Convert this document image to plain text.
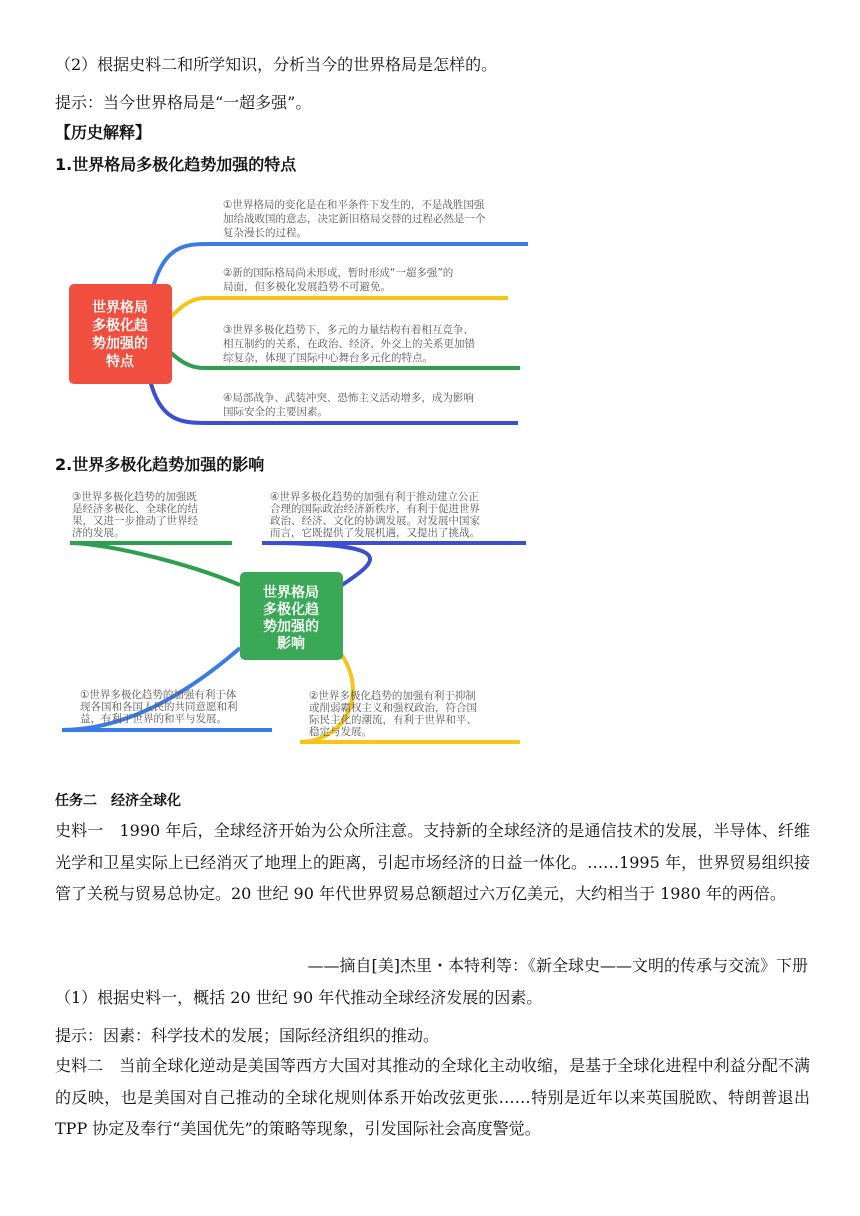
（2）根据史料二和所学知识，分析当今的世界格局是怎样的。
提示：当今世界格局是“一超多强”。
【历史解释】
1.世界格局多极化趋势加强的特点
世界格局
多极化趋
势加强的
特点
①世界格局的变化是在和平条件下发生的，不是战胜国强
加给战败国的意志，决定新旧格局交替的过程必然是一个
复杂漫长的过程。
②新的国际格局尚未形成，暂时形成“一超多强”的
局面，但多极化发展趋势不可避免。
③世界多极化趋势下，多元的力量结构有着相互竞争、
相互制约的关系，在政治、经济、外交上的关系更加错
综复杂，体现了国际中心舞台多元化的特点。
④局部战争、武装冲突、恐怖主义活动增多，成为影响
国际安全的主要因素。
世界格局
多极化趋
势加强的
影响
③世界多极化趋势的加强既
是经济多极化、全球化的结
果，又进一步推动了世界经
济的发展。
④世界多极化趋势的加强有利于推动建立公正
合理的国际政治经济新秩序，有利于促进世界
政治、经济、文化的协调发展。对发展中国家
而言，它既提供了发展机遇，又提出了挑战。
①世界多极化趋势的加强有利于体
现各国和各国人民的共同意愿和利
益，有利于世界的和平与发展。
②世界多极化趋势的加强有利于抑制
或削弱霸权主义和强权政治，符合国
际民主化的潮流，有利于世界和平、
稳定与发展。
2.世界多极化趋势加强的影响
任务二　经济全球化
史料一　1990 年后，全球经济开始为公众所注意。支持新的全球经济的是通信技术的发展，半导体、纤维光学和卫星实际上已经消灭了地理上的距离，引起市场经济的日益一体化。……1995 年，世界贸易组织接管了关税与贸易总协定。20 世纪 90 年代世界贸易总额超过六万亿美元，大约相当于 1980 年的两倍。
——摘自[美]杰里・本特利等：《新全球史——文明的传承与交流》下册
（1）根据史料一，概括 20 世纪 90 年代推动全球经济发展的因素。
提示：因素：科学技术的发展；国际经济组织的推动。
史料二　当前全球化逆动是美国等西方大国对其推动的全球化主动收缩，是基于全球化进程中利益分配不满的反映，也是美国对自己推动的全球化规则体系开始改弦更张……特别是近年以来英国脱欧、特朗普退出 TPP 协定及奉行“美国优先”的策略等现象，引发国际社会高度警觉。
